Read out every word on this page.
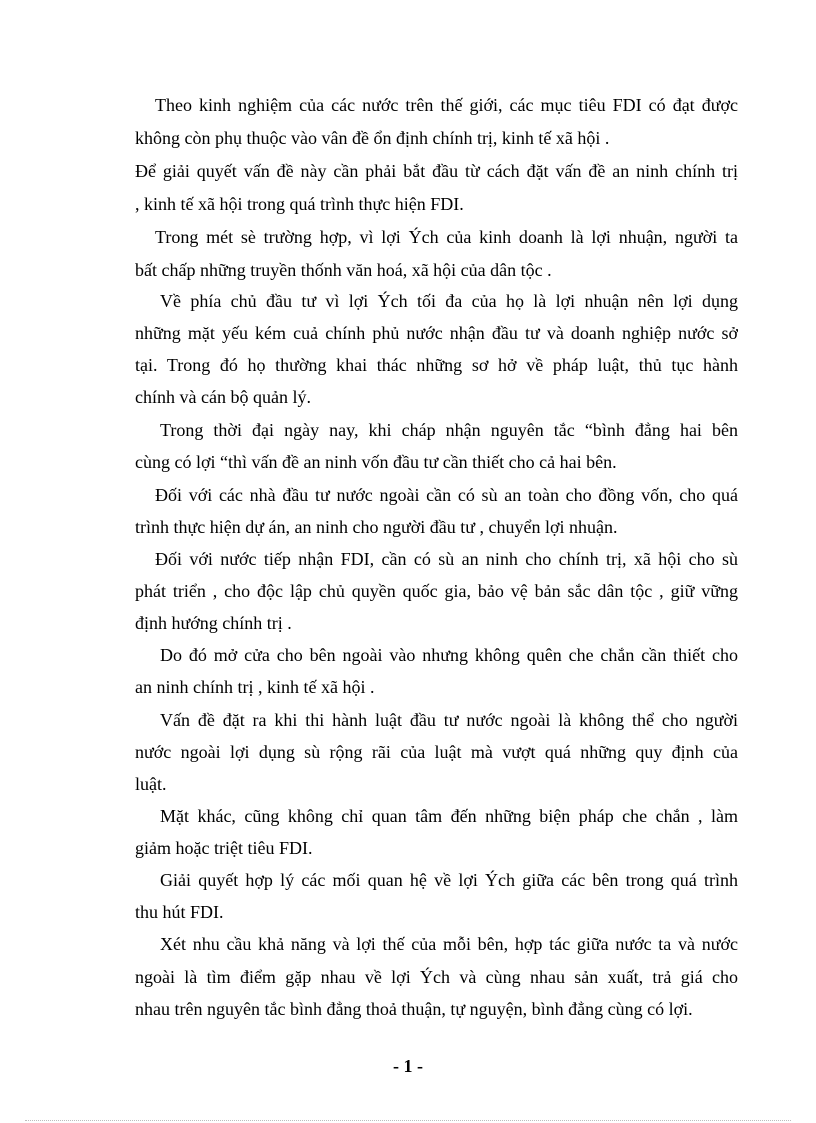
Theo kinh nghiệm của các nước trên thế giới, các mục tiêu FDI có đạt được
không còn phụ thuộc vào vân đề ổn định chính trị, kinh tế xã hội .
Để giải quyết vấn đề này cần phải bắt đầu từ cách đặt vấn đề an ninh chính trị
, kinh tế xã hội trong quá trình thực hiện FDI.
Trong mét sè trường hợp, vì lợi Ých của kinh doanh là lợi nhuận, người ta
bất chấp những truyền thốnh văn hoá, xã hội của dân tộc .
Về phía chủ đầu tư vì lợi Ých tối đa của họ là lợi nhuận nên lợi dụng
những mặt yếu kém cuả chính phủ nước nhận đầu tư và doanh nghiệp nước sở
tại. Trong đó họ thường khai thác những sơ hở về pháp luật, thủ tục hành
chính và cán bộ quản lý.
Trong thời đại ngày nay, khi cháp nhận nguyên tắc “bình đẳng hai bên
cùng có lợi “thì vấn đề an ninh vốn đầu tư cần thiết cho cả hai bên.
Đối với các nhà đầu tư nước ngoài cần có sù an toàn cho đồng vốn, cho quá
trình thực hiện dự án, an ninh cho người đầu tư , chuyển lợi nhuận.
Đối với nước tiếp nhận FDI, cần có sù an ninh cho chính trị, xã hội cho sù
phát triển , cho độc lập chủ quyền quốc gia, bảo vệ bản sắc dân tộc , giữ vững
định hướng chính trị .
Do đó mở cửa cho bên ngoài vào nhưng không quên che chắn cần thiết cho
an ninh chính trị , kinh tế xã hội .
Vấn đề đặt ra khi thi hành luật đầu tư nước ngoài là không thể cho người
nước ngoài lợi dụng sù rộng rãi của luật mà vượt quá những quy định của
luật.
Mặt khác, cũng không chỉ quan tâm đến những biện pháp che chắn , làm
giảm hoặc triệt tiêu FDI.
Giải quyết hợp lý các mối quan hệ về lợi Ých giữa các bên trong quá trình
thu hút FDI.
Xét nhu cầu khả năng và lợi thế của mỗi bên, hợp tác giữa nước ta và nước
ngoài là tìm điểm gặp nhau về lợi Ých và cùng nhau sản xuất, trả giá cho
nhau trên nguyên tắc bình đẳng thoả thuận, tự nguyện, bình đẳng cùng có lợi.
- 1 -
